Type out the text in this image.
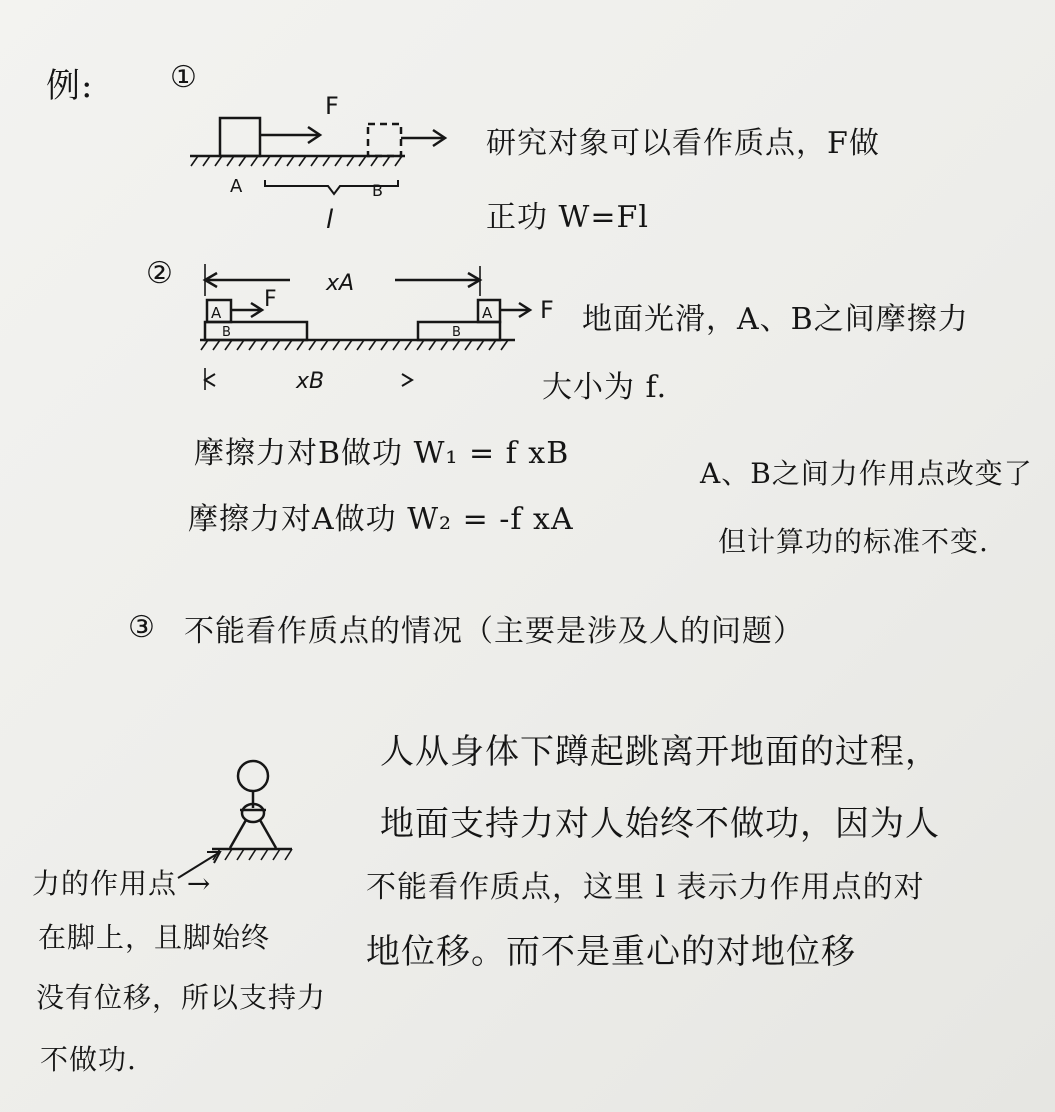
例:	①
F
A	B
l
F	F
A	A
B	B
xA
xB
研究对象可以看作质点，F做
正功 W=Fl
②
地面光滑，A、B之间摩擦力
大小为 f.
摩擦力对B做功 W₁ = f xB
摩擦力对A做功 W₂ = -f xA
A、B之间力作用点改变了
但计算功的标准不变.
③ 不能看作质点的情况（主要是涉及人的问题）
人从身体下蹲起跳离开地面的过程，
地面支持力对人始终不做功，因为人
不能看作质点，这里 l 表示力作用点的对
地位移。而不是重心的对地位移
力的作用点 →
在脚上，且脚始终
没有位移，所以支持力
不做功.
